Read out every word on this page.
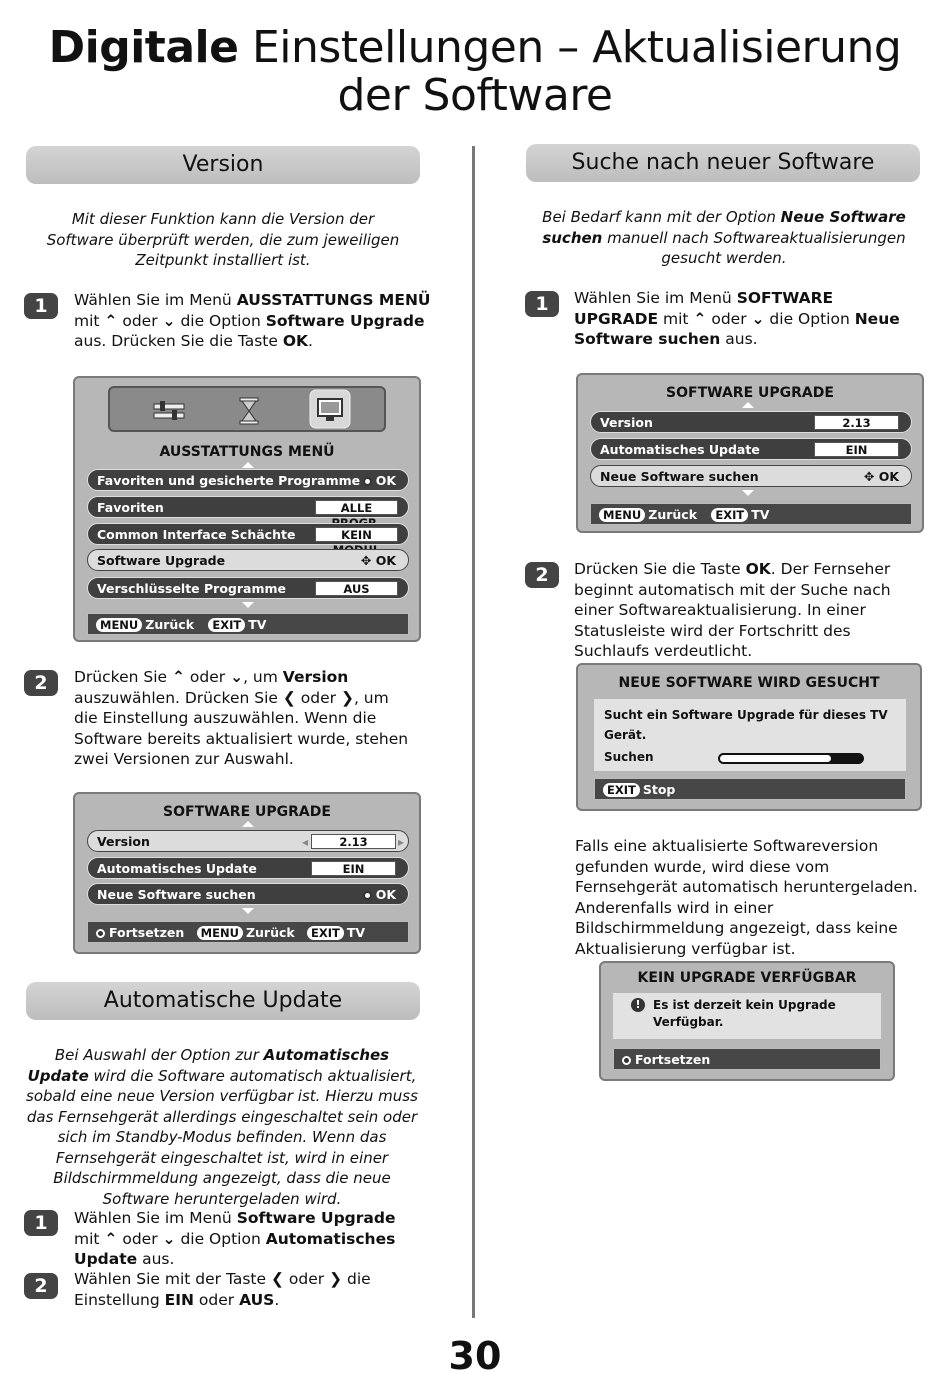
Digitale Einstellungen – Aktualisierung
der Software
Version
Mit dieser Funktion kann die Version der Software überprüft werden, die zum jeweiligen Zeitpunkt installiert ist.
1	Wählen Sie im Menü AUSSTATTUNGS MENÜ mit ⌃ oder ⌄ die Option Software Upgrade aus. Drücken Sie die Taste OK.
AUSSTATTUNGS MENÜ
Favoriten und gesicherte Programme	OK
Favoriten	ALLE
Common Interface Schächte	KEIN
Software Upgrade	✥ OK
Verschlüsselte Programme	AUS
MENU Zurück EXIT TV
2	Drücken Sie ⌃ oder ⌄, um Version auszuwählen. Drücken Sie ❮ oder ❯, um die Einstellung auszuwählen. Wenn die Software bereits aktualisiert wurde, stehen zwei Versionen zur Auswahl.
SOFTWARE UPGRADE
Version	◂	2.13	▸
Automatisches Update	EIN
Neue Software suchen	OK
Fortsetzen MENU Zurück EXIT TV
Automatische Update
Bei Auswahl der Option zur Automatisches Update wird die Software automatisch aktualisiert, sobald eine neue Version verfügbar ist. Hierzu muss das Fernsehgerät allerdings eingeschaltet sein oder sich im Standby-Modus befinden. Wenn das Fernsehgerät eingeschaltet ist, wird in einer Bildschirmmeldung angezeigt, dass die neue Software heruntergeladen wird.
1	Wählen Sie im Menü Software Upgrade mit ⌃ oder ⌄ die Option Automatisches Update aus.
2	Wählen Sie mit der Taste ❮ oder ❯ die Einstellung EIN oder AUS.
Suche nach neuer Software
Bei Bedarf kann mit der Option Neue Software suchen manuell nach Softwareaktualisierungen gesucht werden.
1	Wählen Sie im Menü SOFTWARE UPGRADE mit ⌃ oder ⌄ die Option Neue Software suchen aus.
SOFTWARE UPGRADE
Version	2.13
Automatisches Update	EIN
Neue Software suchen	✥ OK
MENU Zurück EXIT TV
2	Drücken Sie die Taste OK. Der Fernseher beginnt automatisch mit der Suche nach einer Softwareaktualisierung. In einer Statusleiste wird der Fortschritt des Suchlaufs verdeutlicht.
NEUE SOFTWARE WIRD GESUCHT
Sucht ein Software Upgrade für dieses TV Gerät.
Suchen
EXIT Stop
Falls eine aktualisierte Softwareversion gefunden wurde, wird diese vom Fernsehgerät automatisch heruntergeladen. Anderenfalls wird in einer Bildschirmmeldung angezeigt, dass keine Aktualisierung verfügbar ist.
KEIN UPGRADE VERFÜGBAR
!	Es ist derzeit kein Upgrade Verfügbar.
Fortsetzen
30
